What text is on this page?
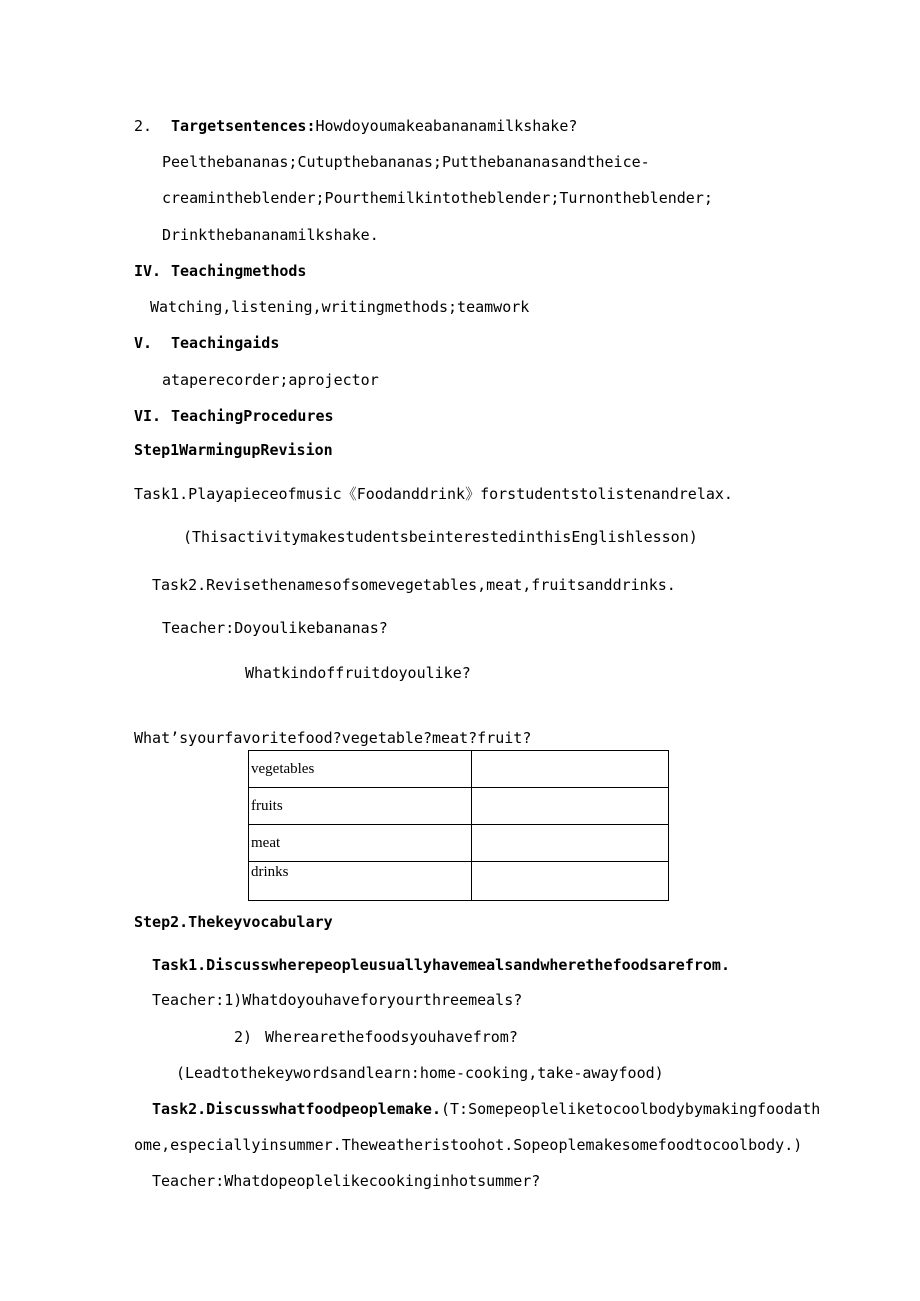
2. Targetsentences:Howdoyoumakeabananamilkshake?
Peelthebananas;Cutupthebananas;Putthebananasandtheice-
creamintheblender;Pourthemilkintotheblender;Turnontheblender;
Drinkthebananamilkshake.
IV. Teachingmethods
Watching,listening,writingmethods;teamwork
V. Teachingaids
ataperecorder;aprojector
VI. TeachingProcedures
Step1WarmingupRevision
Task1.Playapieceofmusic《Foodanddrink》forstudentstolistenandrelax.
(ThisactivitymakestudentsbeinterestedinthisEnglishlesson)
Task2.Revisethenamesofsomevegetables,meat,fruitsanddrinks.
Teacher:Doyoulikebananas?
Whatkindoffruitdoyoulike?
What’syourfavoritefood?vegetable?meat?fruit?
vegetables	
fruits	
meat	
drinks	
Step2.Thekeyvocabulary
Task1.Discusswherepeopleusuallyhavemealsandwherethefoodsarefrom.
Teacher:1)Whatdoyouhaveforyourthreemeals?
2) Wherearethefoodsyouhavefrom?
(Leadtothekeywordsandlearn:home-cooking,take-awayfood)
Task2.Discusswhatfoodpeoplemake.(T:Somepeopleliketocoolbodybymakingfoodath
ome,especiallyinsummer.Theweatheristoohot.Sopeoplemakesomefoodtocoolbody.)
Teacher:Whatdopeoplelikecookinginhotsummer?
